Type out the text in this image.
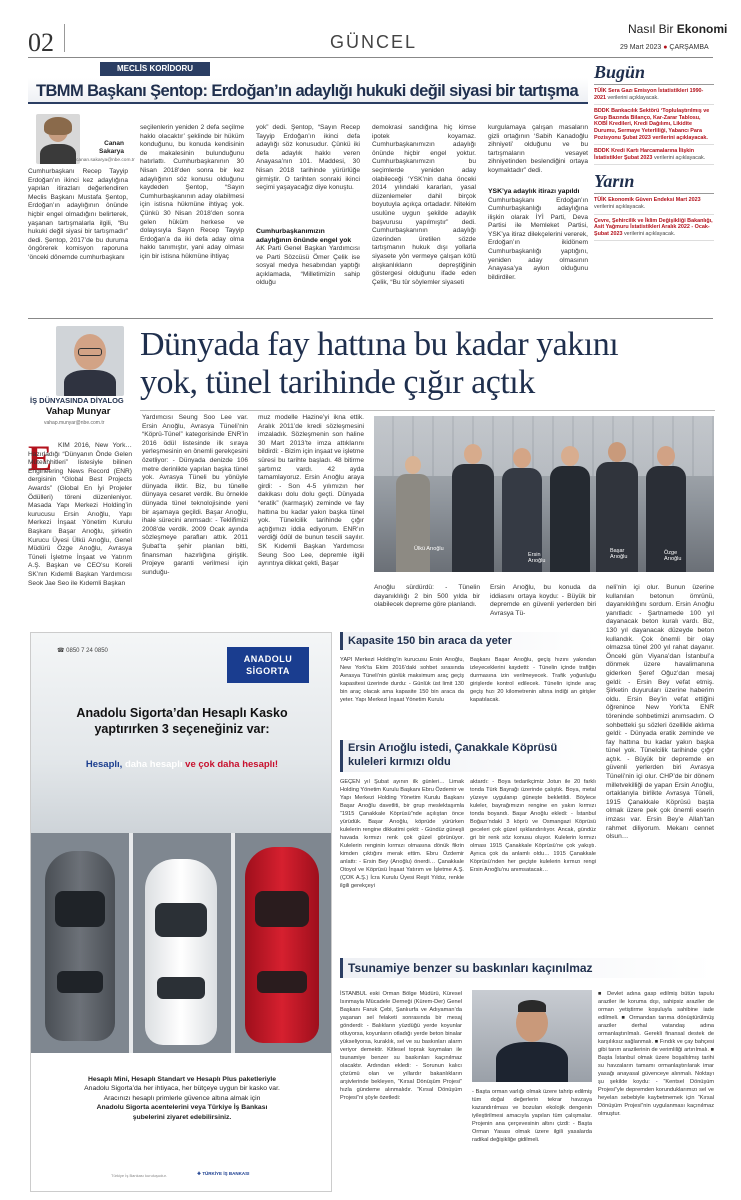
02	GÜNCEL
Nasıl Bir Ekonomi
29 Mart 2023 ● ÇARŞAMBA
MECLİS KORİDORU
TBMM Başkanı Şentop: Erdoğan’ın adaylığı hukuki değil siyasi bir tartışma
Canan Sakarya
canan.sakarya@nbe.com.tr
Cumhurbaşkanı Recep Tayyip Erdoğan’ın ikinci kez adaylığına yapılan itirazları değerlendiren Meclis Başkanı Mustafa Şentop, Erdoğan’ın adaylığının önünde hiçbir engel olmadığını belirterek, yaşanan tartışmalarla ilgili, “Bu hukuki değil siyasi bir tartışmadır” dedi. Şentop, 2017’de bu duruma öngörerek komisyon raporuna ‘önceki dönemde cumhurbaşkanı
seçilenlerin yeniden 2 defa seçilme hakkı olacaktır’ şeklinde bir hüküm konduğunu, bu konuda kendisinin de makalesinin bulunduğunu hatırlattı. Cumhurbaşkanının 30 Nisan 2018’den sonra bir kez adaylığının söz konusu olduğunu kaydeden Şentop, “Sayın Cumhurbaşkanının aday olabilmesi için istisna hükmüne ihtiyaç yok. Çünkü 30 Nisan 2018’den sonra gelen hüküm herkese ve dolayısıyla Sayın Recep Tayyip Erdoğan’a da iki defa aday olma hakkı tanımıştır, yani aday olması için bir istisna hükmüne ihtiyaç
yok” dedi. Şentop, “Sayın Recep Tayyip Erdoğan’ın ikinci defa adaylığı söz konusudur. Çünkü iki defa adaylık hakkı veren Anayasa’nın 101. Maddesi, 30 Nisan 2018 tarihinde yürürlüğe girmiştir. O tarihten sonraki ikinci seçimi yaşayacağız diye konuştu.
Cumhurbaşkanımızın adaylığının önünde engel yok
AK Parti Genel Başkan Yardımcısı ve Parti Sözcüsü Ömer Çelik ise sosyal medya hesabından yaptığı açıklamada, “Milletimizin sahip olduğu
demokrasi sandığına hiç kimse ipotek koyamaz. Cumhurbaşkanımızın adaylığı önünde hiçbir engel yoktur. Cumhurbaşkanımızın bu seçimlerde yeniden aday olabileceği ‘YSK’nin daha önceki 2014 yılındaki kararları, yasal düzenlemeler dahil birçok boyutuyla açıkça ortadadır. Nitekim usulüne uygun şekilde adaylık başvurusu yapılmıştır” dedi. Cumhurbaşkanının adaylığı üzerinden üretilen sözde tartışmanın hukuk dışı yollarla siyasete yön vermeye çalışan kötü alışkanlıkların depreştiğinin göstergesi olduğunu ifade eden Çelik, “Bu tür söylemler siyaseti
kurgulamaya çalışan masaların gizli ortağının ‘Sabih Kanadoğlu zihniyeti’ olduğunu ve bu tartışmaların vesayet zihniyetinden beslendiğini ortaya koymaktadır” dedi.
YSK’ya adaylık itirazı yapıldı
Cumhurbaşkanı Erdoğan’ın Cumhurbaşkanlığı adaylığına ilişkin olarak İYİ Parti, Deva Partisi ile Memleket Partisi, YSK’ya itiraz dilekçelerini vererek, Erdoğan’ın ikidönem Cumhurbaşkanlığı yaptığını, yeniden aday olmasının Anayasa’ya aykırı olduğunu bildirdiler.
Bugün
TÜİK Sera Gazı Emisyon İstatistikleri 1990-2021 verilerini açıklayacak.
BDDK Bankacılık Sektörü ‘Toplulaştırılmış ve Grup Bazında Bilanço, Kar-Zarar Tablosu, KOBİ Kredileri, Kredi Dağılımı, Likidite Durumu, Sermaye Yeterliliği, Yabancı Para Pozisyonu Şubat 2023 verilerini açıklayacak.
BDDK Kredi Kartı Harcamalarına İlişkin İstatistikler Şubat 2023 verilerini açıklayacak.
Yarın
TÜİK Ekonomik Güven Endeksi Mart 2023 verilerini açıklayacak.
Çevre, Şehircilik ve İklim Değişikliği Bakanlığı, Asit Yağmuru İstatistikleri Aralık 2022 - Ocak- Şubat 2023 verilerini açıklayacak.
İŞ DÜNYASINDA DİYALOG
Vahap Munyar
vahap.munyar@nbe.com.tr
Dünyada fay hattına bu kadar yakını
yok, tünel tarihinde çığır açtık
E KİM 2016, New York… Hazırladığı “Dünyanın Önde Gelen Müteahhitleri” listesiyle bilinen Engineering News Record (ENR) dergisinin “Global Best Projects Awards” (Global En İyi Projeler Ödülleri) töreni düzenleniyor. Masada Yapı Merkezi Holding’in kurucusu Ersin Arıoğlu, Yapı Merkezi İnşaat Yönetim Kurulu Başkanı Başar Arıoğlu, şirketin Kurucu Üyesi Ülkü Arıoğlu, Genel Müdürü Özge Arıoğlu, Avrasya Tüneli İşletme İnşaat ve Yatırım A.Ş. Başkan ve CEO’su Koreli SK’nın Kıdemli Başkan Yardımcısı Seok Jae Seo ile Kıdemli Başkan
Yardımcısı Seung Soo Lee var. Ersin Arıoğlu, Avrasya Tüneli’nin “Köprü-Tünel” kategorisinde ENR’in 2016 ödül listesinde ilk sıraya yerleşmesinin en önemli gerekçesini özetliyor: - Dünyada denizde 106 metre derinlikte yapılan başka tünel yok. Avrasya Tüneli bu yönüyle dünyada ilktir. Biz, bu tünelle dünyaya cesaret verdik. Bu örnekle dünyada tünel teknolojisinde yeni bir aşamaya geçildi. Başar Arıoğlu, ihale sürecini anımsadı: - Teklifimizi 2008’de verdik. 2009 Ocak ayında sözleşmeye parafları attık. 2011 Şubat’ta şehir planları bitti, finansman hazırlığına giriştik. Projeye garanti verilmesi için sunduğu-
muz modelle Hazine’yi ikna ettik. Aralık 2011’de kredi sözleşmesini imzaladık. Sözleşmenin son haline 30 Mart 2013’te imza attıklarını bildirdi: - Bizim için inşaat ve işletme süresi bu tarihte başladı. 48 bitirme şartımız vardı. 42 ayda tamamlayoruz. Ersin Arıoğlu araya girdi: - Son 4-5 yılımızın her dakikası dolu dolu geçti. Dünyada “eratik” (karmaşık) zeminde ve fay hattına bu kadar yakın başka tünel yok. Tünelcilik tarihinde çığır açtığımızı iddia ediyorum. ENR’ın verdiği ödül de bunun tescili sayılır. SK Kıdemli Başkan Yardımcısı Seung Soo Lee, depremle ilgili ayrıntıya dikkat çekti, Başar
Ülkü Arıoğlu
Ersin Arıoğlu
Başar Arıoğlu
Özge Arıoğlu
Arıoğlu sürdürdü: - Tünelin dayanıklılığı 2 bin 500 yılda bir olabilecek depreme göre planlandı.
Ersin Arıoğlu, bu konuda da iddiasını ortaya koydu: - Büyük bir depremde en güvenli yerlerden biri Avrasya Tü-
neli’nin içi olur. Bunun üzerine kullanılan betonun ömrünü, dayanıklılığını sordum. Ersin Arıoğlu yanıtladı: - Şartnamede 100 yıl dayanacak beton kuralı vardı. Biz, 130 yıl dayanacak düzeyde beton kullandık. Çok önemli bir olay olmazsa tünel 200 yıl rahat dayanır. Önceki gün Viyana’dan İstanbul’a dönmek üzere havalimanına giderken Şeref Oğuz’dan mesaj geldi: - Ersin Bey vefat etmiş. Şirketin duyuruları üzerine haberim oldu. Ersin Bey’in vefat ettiğini öğrenince New York’ta ENR töreninde sohbetimizi anımsadım. O sohbetteki şu sözleri özellikle aklıma geldi: - Dünyada eratik zeminde ve fay hattına bu kadar yakın başka tünel yok. Tünelcilik tarihinde çığır açtık. - Büyük bir depremde en güvenli yerlerden biri Avrasya Tüneli’nin içi olur. CHP’de bir dönem milletvekilliği de yapan Ersin Arıoğlu, ortaklarıyla birlikte Avrasya Tüneli, 1915 Çanakkale Köprüsü başta olmak üzere pek çok önemli eserin imzası var. Ersin Bey’e Allah’tan rahmet diliyorum. Mekanı cennet olsun…
Kapasite 150 bin araca da yeter
YAPI Merkezi Holding’in kurucusu Ersin Arıoğlu, New York’ta Ekim 2016’daki sohbet sırasında Avrasya Tüneli’nin günlük maksimum araç geçiş kapasitesi üzerinde durdu: - Günlük üst limit 130 bin araç olacak ama kapasite 150 bin araca da yeter. Yapı Merkezi İnşaat Yönetim Kurulu
Başkanı Başar Arıoğlu, geçiş hızını yakından izleyeceklerini kaydetti: - Tünelin içinde trafiğin durmasına izin verilmeyecek. Trafik yoğunluğu girişlerde kontrol edilecek. Tünelin içinde araç geçiş hızı 20 kilometrenin altına indiği an girişler kapatılacak.
Ersin Arıoğlu istedi, Çanakkale Köprüsü kuleleri kırmızı oldu
GEÇEN yıl Şubat ayının ilk günleri… Limak Holding Yönetim Kurulu Başkanı Ebru Özdemir ve Yapı Merkezi Holding Yönetim Kurulu Başkanı Başar Arıoğlu davetliti, bir grup meslektaşımla “1915 Çanakkale Köprüsü”nde açılıştan önce yürüdük. Başar Arıoğlu, köprüde yürürken kulelerin rengine dikkatimi çekti: - Gündüz güneşli havada kırmızı renk çok güzel görünüyor. Kulelerin renginin kırmızı olmasına dönük fikrin kimden çıktığını merak ettim. Ebru Özdemir anlattı: - Ersin Bey (Arıoğlu) önerdi… Çanakkale Otoyol ve Köprüsü İnşaat Yatırım ve İşletme A.Ş. (ÇOK A.Ş.) İcra Kurulu Üyesi Reşit Yıldız, renkle ilgili gerekçeyi
aktardı: - Boya tedarikçimiz Jotun ile 20 farklı tonda Türk Bayrağı üzerinde çalıştık. Boya, metal yüzeye uygulanıp güneşte bekletildi. Böylece kuleler, bayrağımızın rengine en yakın kırmızı tonda boyandı. Başar Arıoğlu ekledi: - İstanbul Boğazı’ndaki 3 köprü ve Osmangazi Köprüsü geceleri çok güzel ışıklandırılıyor. Ancak, gündüz gri bir renk söz konusu oluyor. Kulelerin kırmızı olması 1915 Çanakkale Köprüsü’ne çok yakıştı. Ayrıca çok da anlamlı oldu… 1915 Çanakkale Köprüsü’nden her geçişte kulelerin kırmızı rengi Ersin Arıoğlu’nu anımsatacak…
Tsunamiye benzer su baskınları kaçınılmaz
İSTANBUL eski Orman Bölge Müdürü, Küresel Isınmayla Mücadele Derneği (Kürem-Der) Genel Başkanı Faruk Çebi, Şanlıurfa ve Adıyaman’da yaşanan sel felaketi sonrasında bir mesaj gönderdi: - Balıkların yüzdüğü yerde koyunlar otluyorsa, koyunların otladığı yerde beton binalar yükseliyorsa, kuraklık, sel ve su baskınları alarm veriyor demektir. Kitlesel toprak kaymaları ile tsunamiye benzer su baskınları kaçınılmaz olacaktır. Ardından ekledi: - Sorunun kalıcı çözümü olan ve yıllardır bakanlıkların arşivlerinde bekleyen, “Kırsal Dönüşüm Projesi” hızla gündeme alınmalıdır. “Kırsal Dönüşüm Projesi”ni şöyle özetledi:
- Başta orman varlığı olmak üzere tahrip edilmiş tüm doğal değerlerin tekrar havzaya kazandırılması ve bozulan ekolojik dengenin iyileştirilmesi amacıyla yapılan tüm çalışmalar. Projenin ana çerçevesinin altını çizdi: - Başta Orman Yasası olmak üzere ilgili yasalarda radikal değişikliğe gidilmeli.
■ Devlet adına gasp edilmiş bütün tapulu araziler ile koruma dışı, sahipsiz araziler de orman yetiştirme koşuluyla sahibine iade edilmeli. ■ Ormandan tarıma dönüştürülmüş araziler derhal vatandaş adına ormanlaştırılmalı. Gerekli finansal destek de karşılıksız sağlanmalı. ■ Fındık ve çay bahçesi gibi tarım arazilerinin de verimliliği artırılmalı. ■ Başta İstanbul olmak üzere boşaltılmış tarihi su havzaların tamamı ormanlaştırılarak imar yasağı anayasal güvenceye alınmalı. Noktayı şu şekilde koydu: - “Kentsel Dönüşüm Projesi”yle depremden korunduklarımızı sel ve heyelan sebebiyle kaybetmemek için “Kırsal Dönüşüm Projesi”nin uygulanması kaçınılmaz olmuştur.
☎ 0850 7 24 0850
ANADOLU
SİGORTA
Anadolu Sigorta’dan Hesaplı Kasko
yaptırırken 3 seçeneğiniz var:
Hesaplı, daha hesaplı ve çok daha hesaplı!
Hesaplı Mini, Hesaplı Standart ve Hesaplı Plus paketleriyle
Anadolu Sigorta’da her ihtiyaca, her bütçeye uygun bir kasko var.
Aracınızı hesaplı primlerle güvence altına almak için
Anadolu Sigorta acentelerini veya Türkiye İş Bankası
şubelerini ziyaret edebilirsiniz.
Türkiye İş Bankası kuruluşudur.	❖ TÜRKİYE İŞ BANKASI
